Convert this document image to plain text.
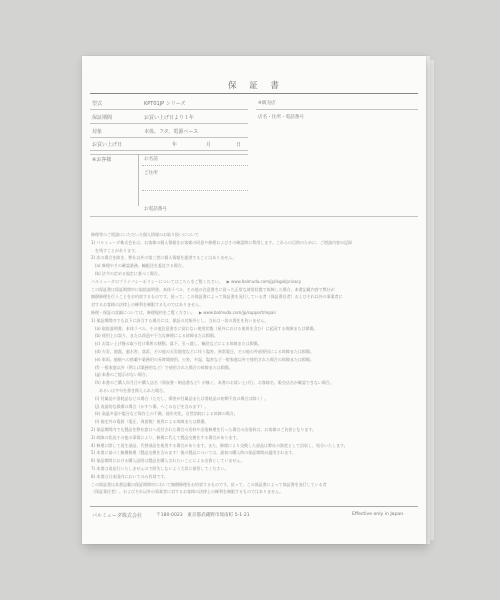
保 証 書
型式	KPT01JP シリーズ
保証期間	お買い上げ日より１年
対象	本体、フタ、電源ベース
お買い上げ日	年	月	日
※お客様	お名前
ご住所
お電話番号
※販売店
店名・住所・電話番号
修理等のご相談にいただいた個人情報のお取り扱いについて
1) バルミューダ株式会社は、お客様の個人情報をお客様の同意や修理およびその確認時に利用します。これらの目的のために、ご相談内容の記録
　を残すことがあります。
2) 次の場合を除き、弊社以外の第三者に個人情報を提供することはありません。
　(a) 修理やその確認業務、輸配送を委託する場合。
　(b) 法令の定める規定に基づく場合。
バルミューダのプライバシーポリシーについてはこちらをご覧ください。　▶ www.balmuda.com/jp/legal/privacy
この保証書は保証期間中に取扱説明書、本体ラベル、その他の注意書きに従った正常な使用状態で故障した場合、本書記載内容で弊社が
無償修理を行うことをお約束するものです。従って、この保証書によって保証書を発行している者（保証責任者）およびそれ以外の事業者に
対するお客様の法律上の権利を制限するものではありません。
修理・保証の詳細については、修理規約をご覧ください。　▶ www.balmuda.com/jp/support/repair
1) 保証期間内でも以下に該当する場合には、保証の対象外とし、当社は一切の責任を負いません。
　(a) 取扱説明書、本体ラベル、その他注意書きに従わない使用状態（屋外における使用を含む）に起因する故障または損傷。
　(b) 使用上の誤り、または改造や不当な修理による故障または損傷。
　(c) お買い上げ後の取り付け場所の移動、落下、引っ越し、輸送などによる故障または損傷。
　(d) 火災、地震、風水害、落雷、その他の天災地変などに伴う塩害、異常電圧、その他の外部要因による故障または損傷。
　(e) 車両、船舶への搭載や業務用の長時間使用、公害、多湿、塩害など一般家庭以外で使用された場合の故障または損傷。
　(f) 一般家庭以外（例えば業務用など）で使用された場合の故障または損傷。
　(g) 本書のご提示がない場合。
　(h) 本書のご購入年月日や購入店名（領収書・納品書など）が無く、本書のお買い上げ日、お客様名、販売店名が確認できない場合。
　　あるいは字句を書き換えられた場合。
　(i) 付属品や消耗品などの場合（ただし、損害が付属品または消耗品の初期不良の場合は除く）。
　(j) 表面的な損傷の場合（かすり傷、へこみなどを含みます）。
　(k) 高温多湿や塩分など保存上の不備、経年劣化、自然消耗による故障の場合。
　(l) 指定外の電源（電圧、周波数）使用による故障または損傷。
2) 保証期間内でも製品を弊社窓口へ送付された場合の送料や出張修理を行った場合の出張料は、お客様のご負担となります。
3) 故障の状況その他の事情により、修理に代えて製品交換をする場合があります。
4) 修理に際して再生部品、代替部品を使用する場合があります。また、修理により交換した部品は弊社の資産として回収し、処分いたします。
5) 本書に基づく無償修理（製品交換を含みます）後の製品については、最初の購入時の保証期間が適用されます。
6) 保証期間における購入証明は製品を購入されたいことによる出資としていません。
7) 本書は再発行いたしませんので紛失しないよう大切に保管してください。
8) 本書は日本国内においてのみ有効です。
この保証書は本書記載の保証期間中において無償修理をお約束するものです。従って、この保証書によって保証書を発行している者
（保証責任者）、およびそれ以外の事業者に対するお客様の法律上の権利を制限するものではありません。
バルミューダ株式会社	〒180-0023　東京都武蔵野市境南町 5-1-21	Effective only in Japan.
